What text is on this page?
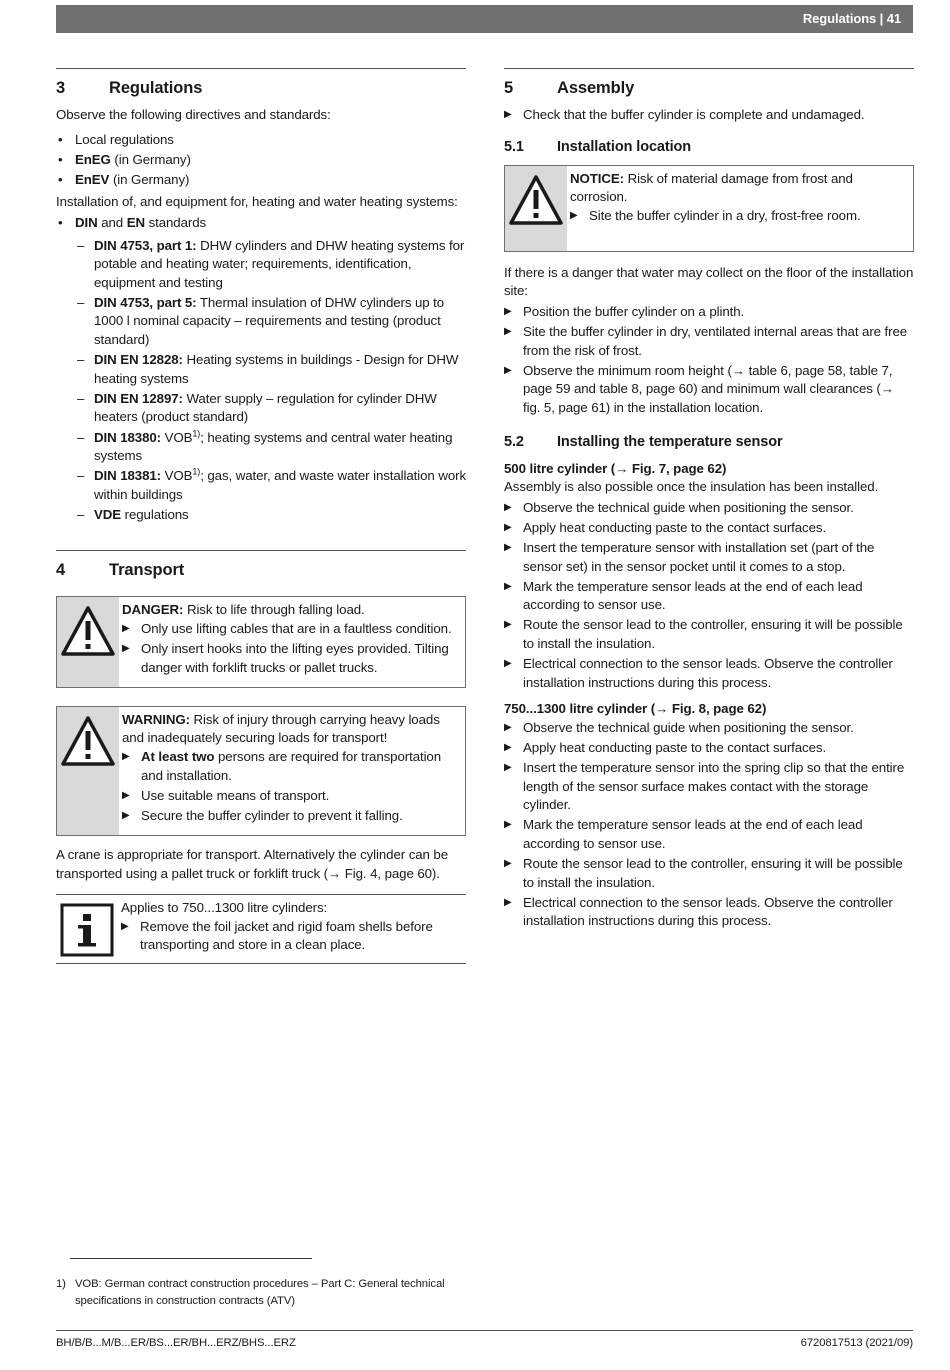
Regulations | 41
3	Regulations

Observe the following directives and standards:

• Local regulations
• EnEG (in Germany)
• EnEV (in Germany)

Installation of, and equipment for, heating and water heating systems:

• DIN and EN standards
– DIN 4753, part 1: DHW cylinders and DHW heating systems for potable and heating water; requirements, identification, equipment and testing
– DIN 4753, part 5: Thermal insulation of DHW cylinders up to 1000 l nominal capacity – requirements and testing (product standard)
– DIN EN 12828: Heating systems in buildings - Design for DHW heating systems
– DIN EN 12897: Water supply – regulation for cylinder DHW heaters (product standard)
– DIN 18380: VOB$^{1)}$; heating systems and central water heating systems
– DIN 18381: VOB$^{1)}$; gas, water, and waste water installation work within buildings
– VDE regulations
4	Transport

DANGER: Risk to life through falling load.

▶ Only use lifting cables that are in a faultless condition.
▶ Only insert hooks into the lifting eyes provided. Tilting danger with forklift trucks or pallet trucks.

WARNING: Risk of injury through carrying heavy loads and inadequately securing loads for transport!

▶ At least two persons are required for transportation and installation.
▶ Use suitable means of transport.
▶ Secure the buffer cylinder to prevent it falling.

A crane is appropriate for transport. Alternatively the cylinder can be transported using a pallet truck or forklift truck (→ Fig. 4, page 60).

Applies to 750...1300 litre cylinders:

▶ Remove the foil jacket and rigid foam shells before transporting and store in a clean place.
5	Assembly
▶ Check that the buffer cylinder is complete and undamaged.
5.1	Installation location

NOTICE: Risk of material damage from frost and corrosion.

▶ Site the buffer cylinder in a dry, frost-free room.

If there is a danger that water may collect on the floor of the installation site:

▶ Position the buffer cylinder on a plinth.
▶ Site the buffer cylinder in dry, ventilated internal areas that are free from the risk of frost.
▶ Observe the minimum room height (→ table 6, page 58, table 7, page 59 and table 8, page 60) and minimum wall clearances (→ fig. 5, page 61) in the installation location.
5.2	Installing the temperature sensor

500 litre cylinder (→ Fig. 7, page 62)

Assembly is also possible once the insulation has been installed.

▶ Observe the technical guide when positioning the sensor.
▶ Apply heat conducting paste to the contact surfaces.
▶ Insert the temperature sensor with installation set (part of the sensor set) in the sensor pocket until it comes to a stop.
▶ Mark the temperature sensor leads at the end of each lead according to sensor use.
▶ Route the sensor lead to the controller, ensuring it will be possible to install the insulation.
▶ Electrical connection to the sensor leads. Observe the controller installation instructions during this process.

750...1300 litre cylinder (→ Fig. 8, page 62)

▶ Observe the technical guide when positioning the sensor.
▶ Apply heat conducting paste to the contact surfaces.
▶ Insert the temperature sensor into the spring clip so that the entire length of the sensor surface makes contact with the storage cylinder.
▶ Mark the temperature sensor leads at the end of each lead according to sensor use.
▶ Route the sensor lead to the controller, ensuring it will be possible to install the insulation.
▶ Electrical connection to the sensor leads. Observe the controller installation instructions during this process.
1) VOB: German contract construction procedures – Part C: General technical specifications in construction contracts (ATV)
BH/B/B...M/B...ER/BS...ER/BH...ERZ/BHS...ERZ	6720817513 (2021/09)
